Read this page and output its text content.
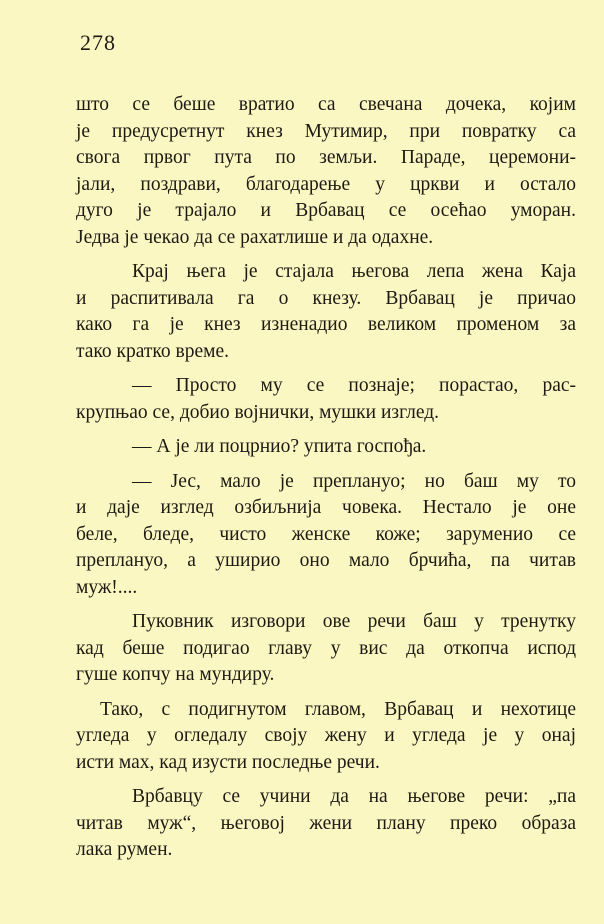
278
што се беше вратио са свечана дочека, којим
је предусретнут кнез Мутимир, при повратку са
свога првог пута по земљи. Параде, церемони-
јали, поздрави, благодарење у цркви и остало
дуго је трајало и Врбавац се осећао уморан.
Једва је чекао да се рахатлише и да одахне.
Крај њега је стајала његова лепа жена Каја
и распитивала га о кнезу. Врбавац је причао
како га је кнез изненадио великом променом за
тако кратко време.
— Просто му се познаје; порастао, рас-
крупњао се, добио војнички, мушки изглед.
— А је ли поцрнио? упита госпођа.
— Јес, мало је преплануо; но баш му то
и даје изглед озбиљнија човека. Нестало је оне
беле, бледе, чисто женске коже; заруменио се
преплануо, а уширио оно мало брчића, па читав
муж!....
Пуковник изговори ове речи баш у тренутку
кад беше подигао главу у вис да откопча испод
гуше копчу на мундиру.
Тако, с подигнутом главом, Врбавац и нехотице
угледа у огледалу своју жену и угледа је у онај
исти мах, кад изусти последње речи.
Врбавцу се учини да на његове речи: „па
читав муж“, његовој жени плану преко образа
лака румен.
